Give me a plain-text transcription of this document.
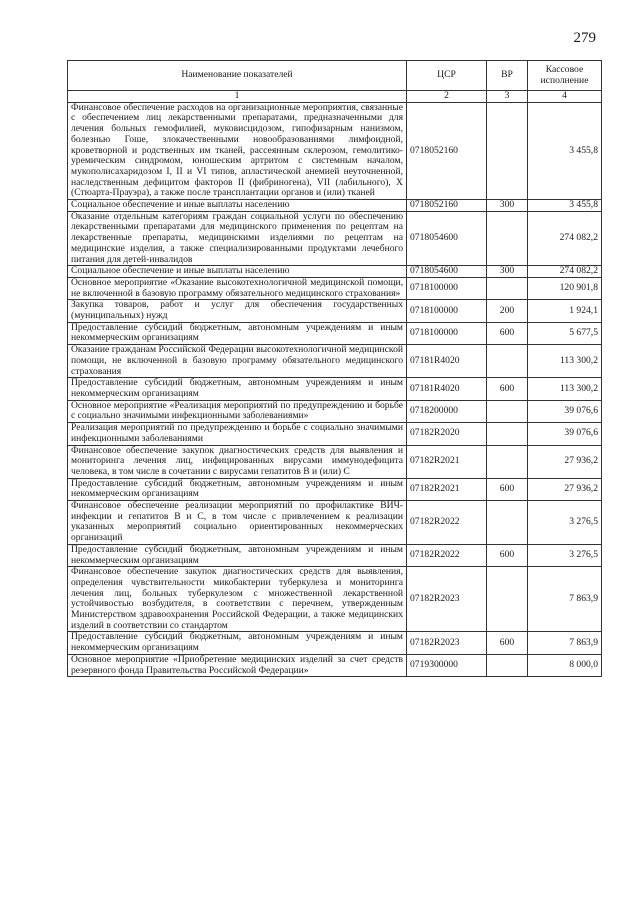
279
Наименование показателей	ЦСР	ВР	Кассовое исполнение
1	2	3	4
Финансовое обеспечение расходов на организационные мероприятия, связанные с обеспечением лиц лекарственными препаратами, предназначенными для лечения больных гемофилией, муковисцидозом, гипофизарным нанизмом, болезнью Гоше, злокачественными новообразованиями лимфоидной, кроветворной и родственных им тканей, рассеянным склерозом, гемолитико-уремическим синдромом, юношеским артритом с системным началом, мукополисахаридозом I, II и VI типов, апластической анемией неуточненной, наследственным дефицитом факторов II (фибриногена), VII (лабильного), X (Стюарта-Прауэра), а также после трансплантации органов и (или) тканей	0718052160		3 455,8
Социальное обеспечение и иные выплаты населению	0718052160	300	3 455,8
Оказание отдельным категориям граждан социальной услуги по обеспечению лекарственными препаратами для медицинского применения по рецептам на лекарственные препараты, медицинскими изделиями по рецептам на медицинские изделия, а также специализированными продуктами лечебного питания для детей-инвалидов	0718054600		274 082,2
Социальное обеспечение и иные выплаты населению	0718054600	300	274 082,2
Основное мероприятие «Оказание высокотехнологичной медицинской помощи, не включенной в базовую программу обязательного медицинского страхования»	0718100000		120 901,8
Закупка товаров, работ и услуг для обеспечения государственных (муниципальных) нужд	0718100000	200	1 924,1
Предоставление субсидий бюджетным, автономным учреждениям и иным некоммерческим организациям	0718100000	600	5 677,5
Оказание гражданам Российской Федерации высокотехнологичной медицинской помощи, не включенной в базовую программу обязательного медицинского страхования	07181R4020		113 300,2
Предоставление субсидий бюджетным, автономным учреждениям и иным некоммерческим организациям	07181R4020	600	113 300,2
Основное мероприятие «Реализация мероприятий по предупреждению и борьбе с социально значимыми инфекционными заболеваниями»	0718200000		39 076,6
Реализация мероприятий по предупреждению и борьбе с социально значимыми инфекционными заболеваниями	07182R2020		39 076,6
Финансовое обеспечение закупок диагностических средств для выявления и мониторинга лечения лиц, инфицированных вирусами иммунодефицита человека, в том числе в сочетании с вирусами гепатитов B и (или) C	07182R2021		27 936,2
Предоставление субсидий бюджетным, автономным учреждениям и иным некоммерческим организациям	07182R2021	600	27 936,2
Финансовое обеспечение реализации мероприятий по профилактике ВИЧ-инфекции и гепатитов B и C, в том числе с привлечением к реализации указанных мероприятий социально ориентированных некоммерческих организаций	07182R2022		3 276,5
Предоставление субсидий бюджетным, автономным учреждениям и иным некоммерческим организациям	07182R2022	600	3 276,5
Финансовое обеспечение закупок диагностических средств для выявления, определения чувствительности микобактерии туберкулеза и мониторинга лечения лиц, больных туберкулезом с множественной лекарственной устойчивостью возбудителя, в соответствии с перечнем, утвержденным Министерством здравоохранения Российской Федерации, а также медицинских изделий в соответствии со стандартом	07182R2023		7 863,9
Предоставление субсидий бюджетным, автономным учреждениям и иным некоммерческим организациям	07182R2023	600	7 863,9
Основное мероприятие «Приобретение медицинских изделий за счет средств резервного фонда Правительства Российской Федерации»	0719300000		8 000,0
